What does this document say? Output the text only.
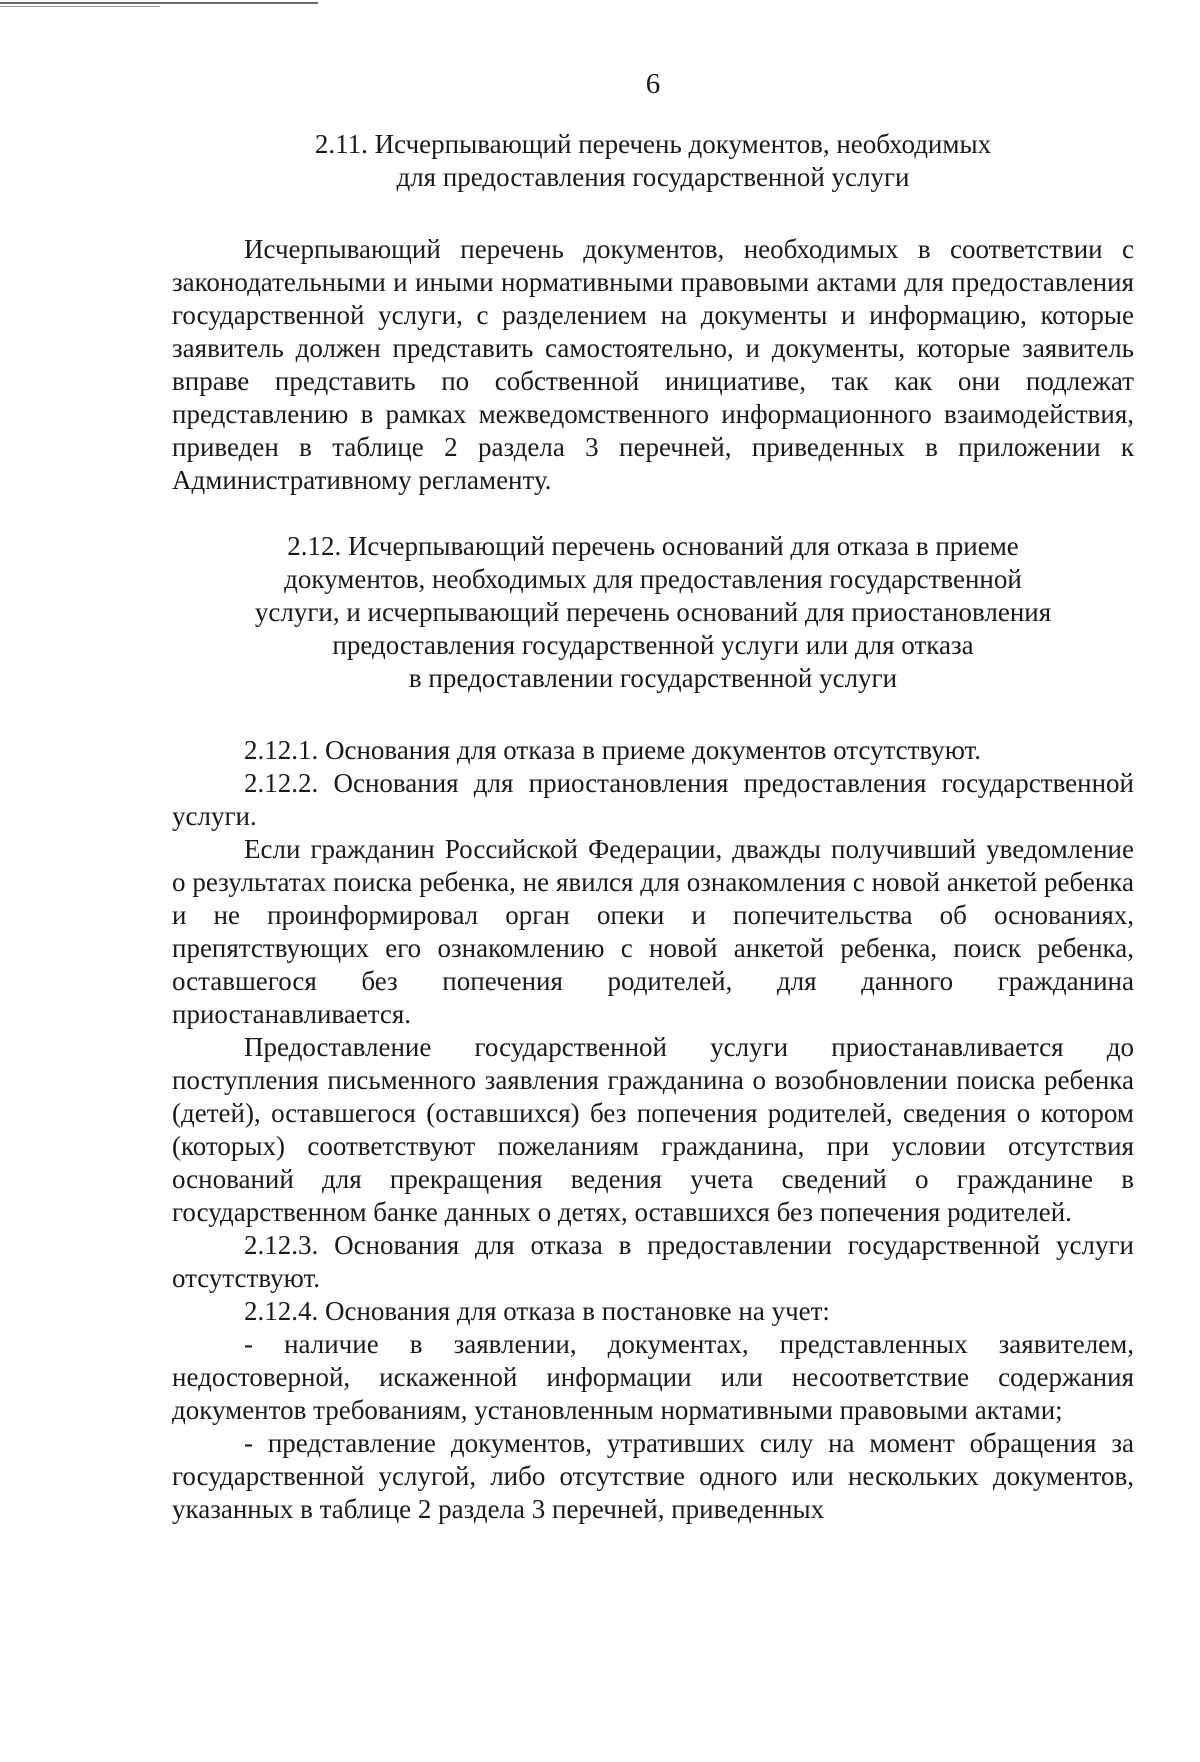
6
2.11. Исчерпывающий перечень документов, необходимых
для предоставления государственной услуги

Исчерпывающий перечень документов, необходимых в соответствии с законодательными и иными нормативными правовыми актами для предоставления государственной услуги, с разделением на документы и информацию, которые заявитель должен представить самостоятельно, и документы, которые заявитель вправе представить по собственной инициативе, так как они подлежат представлению в рамках межведомственного информационного взаимодействия, приведен в таблице 2 раздела 3 перечней, приведенных в приложении к Административному регламенту.

2.12. Исчерпывающий перечень оснований для отказа в приеме
документов, необходимых для предоставления государственной
услуги, и исчерпывающий перечень оснований для приостановления
предоставления государственной услуги или для отказа
в предоставлении государственной услуги

2.12.1. Основания для отказа в приеме документов отсутствуют.

2.12.2. Основания для приостановления предоставления государственной услуги.

Если гражданин Российской Федерации, дважды получивший уведомление о результатах поиска ребенка, не явился для ознакомления с новой анкетой ребенка и не проинформировал орган опеки и попечительства об основаниях, препятствующих его ознакомлению с новой анкетой ребенка, поиск ребенка, оставшегося без попечения родителей, для данного гражданина приостанавливается.

Предоставление государственной услуги приостанавливается до поступления письменного заявления гражданина о возобновлении поиска ребенка (детей), оставшегося (оставшихся) без попечения родителей, сведения о котором (которых) соответствуют пожеланиям гражданина, при условии отсутствия оснований для прекращения ведения учета сведений о гражданине в государственном банке данных о детях, оставшихся без попечения родителей.

2.12.3. Основания для отказа в предоставлении государственной услуги отсутствуют.

2.12.4. Основания для отказа в постановке на учет:

- наличие в заявлении, документах, представленных заявителем, недостоверной, искаженной информации или несоответствие содержания документов требованиям, установленным нормативными правовыми актами;

- представление документов, утративших силу на момент обращения за государственной услугой, либо отсутствие одного или нескольких документов, указанных в таблице 2 раздела 3 перечней, приведенных
